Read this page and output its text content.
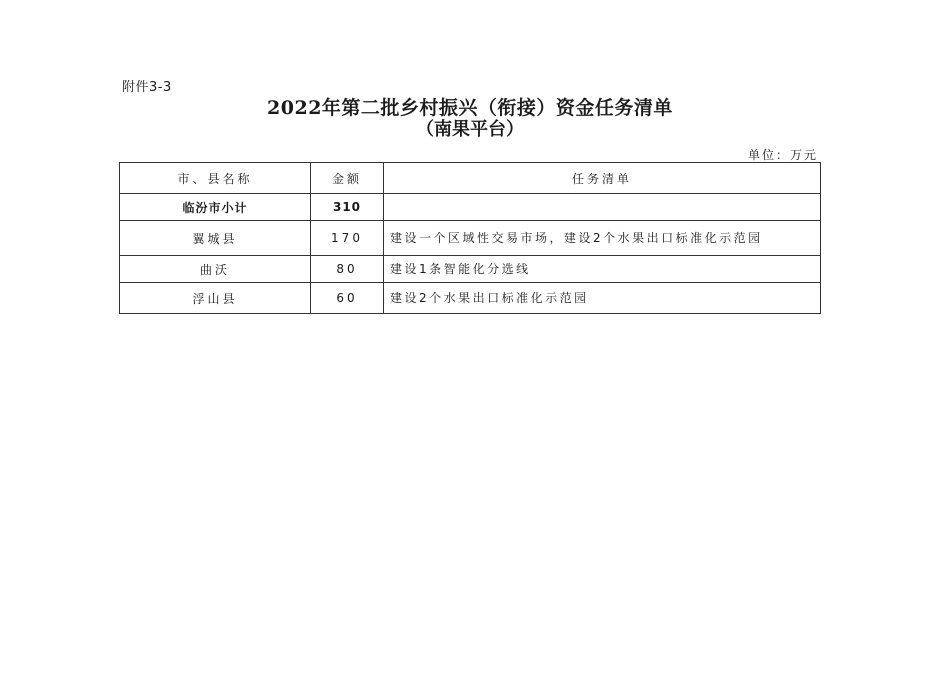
附件3-3
2022年第二批乡村振兴（衔接）资金任务清单
（南果平台）
单位：万元
市、县名称	金额	任务清单
临汾市小计	310	
翼城县	170	建设一个区域性交易市场，建设2个水果出口标准化示范园
曲沃	80	建设1条智能化分选线
浮山县	60	建设2个水果出口标准化示范园
